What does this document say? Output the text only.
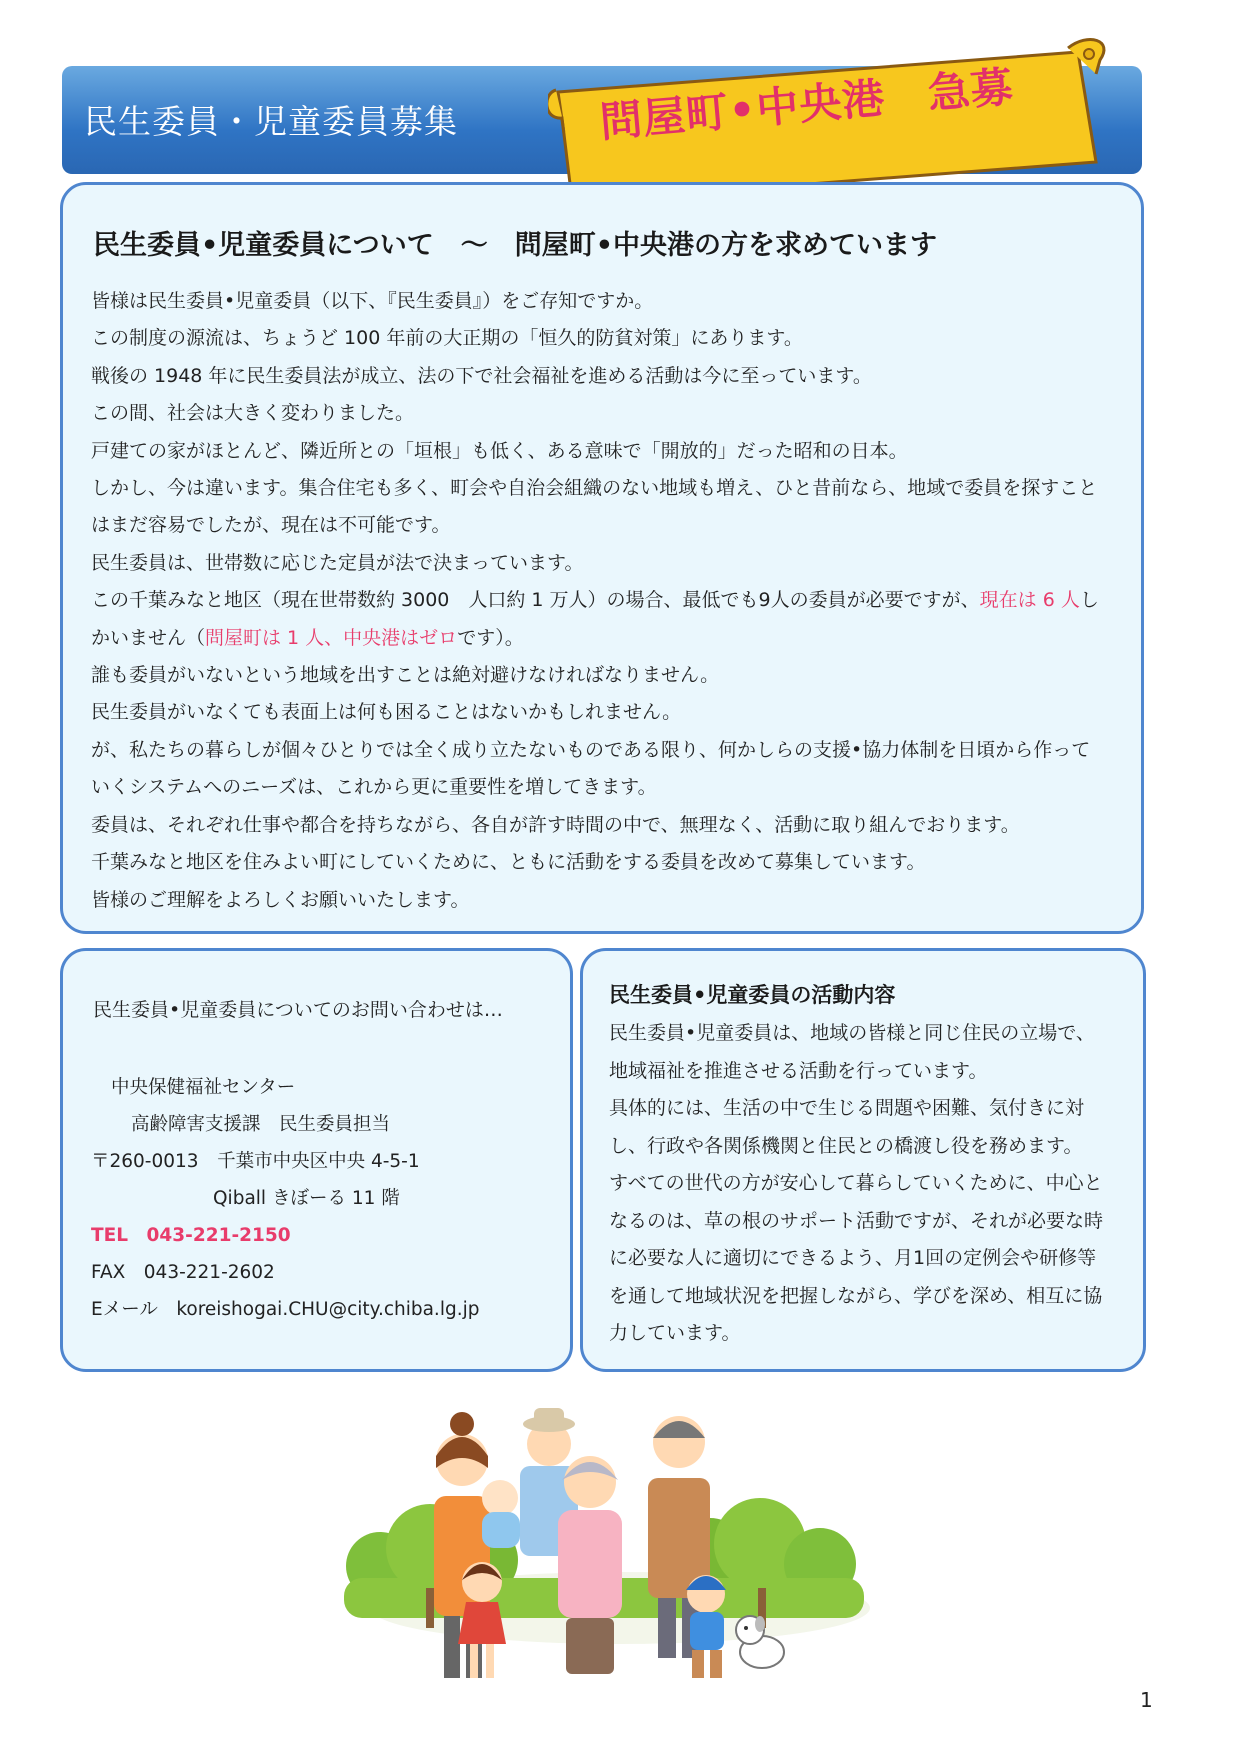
民生委員・児童委員募集	問屋町•中央港　急募
民生委員•児童委員について　～　問屋町•中央港の方を求めています
皆様は民生委員•児童委員（以下、『民生委員』）をご存知ですか。
この制度の源流は、ちょうど 100 年前の大正期の「恒久的防貧対策」にあります。
戦後の 1948 年に民生委員法が成立、法の下で社会福祉を進める活動は今に至っています。
この間、社会は大きく変わりました。
戸建ての家がほとんど、隣近所との「垣根」も低く、ある意味で「開放的」だった昭和の日本。
しかし、今は違います。集合住宅も多く、町会や自治会組織のない地域も増え、ひと昔前なら、地域で委員を探すこと
はまだ容易でしたが、現在は不可能です。
民生委員は、世帯数に応じた定員が法で決まっています。
この千葉みなと地区（現在世帯数約 3000　人口約 1 万人）の場合、最低でも9人の委員が必要ですが、現在は 6 人し
かいません（問屋町は 1 人、中央港はゼロです）。
誰も委員がいないという地域を出すことは絶対避けなければなりません。
民生委員がいなくても表面上は何も困ることはないかもしれません。
が、私たちの暮らしが個々ひとりでは全く成り立たないものである限り、何かしらの支援•協力体制を日頃から作って
いくシステムへのニーズは、これから更に重要性を増してきます。
委員は、それぞれ仕事や都合を持ちながら、各自が許す時間の中で、無理なく、活動に取り組んでおります。
千葉みなと地区を住みよい町にしていくために、ともに活動をする委員を改めて募集しています。
皆様のご理解をよろしくお願いいたします。
民生委員•児童委員についてのお問い合わせは…
中央保健福祉センター
高齢障害支援課　民生委員担当
〒260-0013　千葉市中央区中央 4-5-1
Qiball きぼーる 11 階
TEL　043-221-2150
FAX　043-221-2602
Eメール　koreishogai.CHU@city.chiba.lg.jp
民生委員•児童委員の活動内容
民生委員•児童委員は、地域の皆様と同じ住民の立場で、
地域福祉を推進させる活動を行っています。
具体的には、生活の中で生じる問題や困難、気付きに対
し、行政や各関係機関と住民との橋渡し役を務めます。
すべての世代の方が安心して暮らしていくために、中心と
なるのは、草の根のサポート活動ですが、それが必要な時
に必要な人に適切にできるよう、月1回の定例会や研修等
を通して地域状況を把握しながら、学びを深め、相互に協
力しています。
1
